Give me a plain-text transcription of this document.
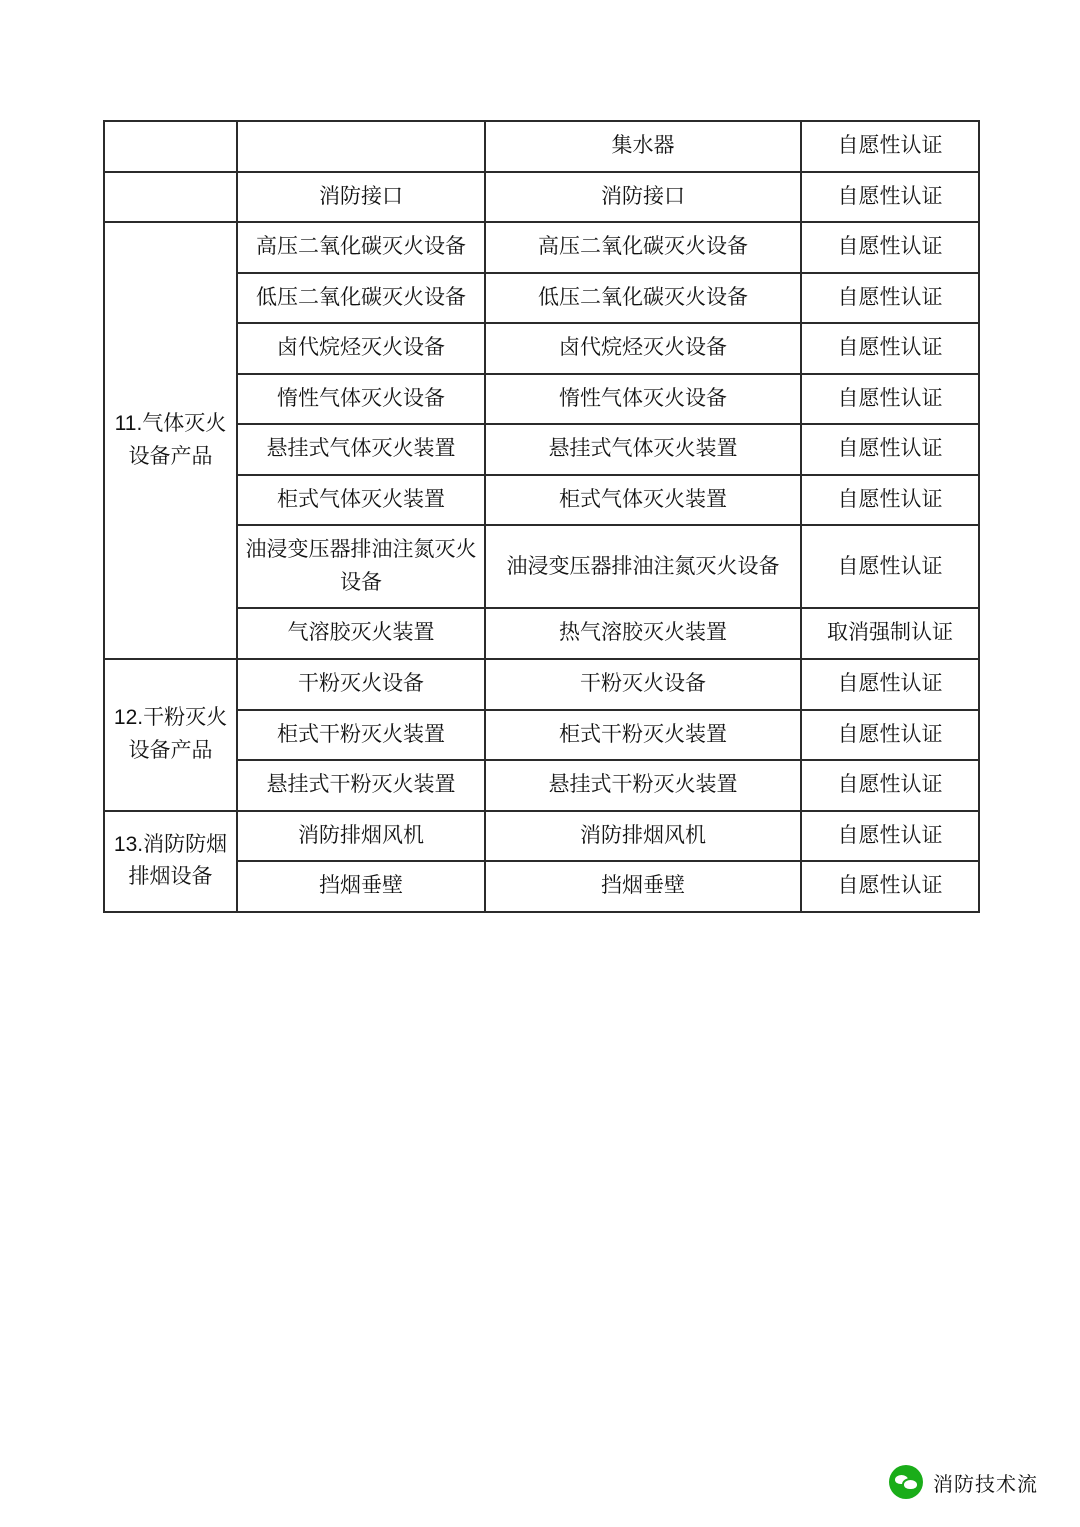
		集水器	自愿性认证

	消防接口	消防接口	自愿性认证

11.气体灭火设备产品	高压二氧化碳灭火设备	高压二氧化碳灭火设备	自愿性认证

	低压二氧化碳灭火设备	低压二氧化碳灭火设备	自愿性认证

	卤代烷烃灭火设备	卤代烷烃灭火设备	自愿性认证

	惰性气体灭火设备	惰性气体灭火设备	自愿性认证

	悬挂式气体灭火装置	悬挂式气体灭火装置	自愿性认证

	柜式气体灭火装置	柜式气体灭火装置	自愿性认证

	油浸变压器排油注氮灭火设备	油浸变压器排油注氮灭火设备	自愿性认证

	气溶胶灭火装置	热气溶胶灭火装置	取消强制认证

12.干粉灭火设备产品	干粉灭火设备	干粉灭火设备	自愿性认证

	柜式干粉灭火装置	柜式干粉灭火装置	自愿性认证

	悬挂式干粉灭火装置	悬挂式干粉灭火装置	自愿性认证

13.消防防烟排烟设备	消防排烟风机	消防排烟风机	自愿性认证

	挡烟垂壁	挡烟垂壁	自愿性认证
消防技术流
